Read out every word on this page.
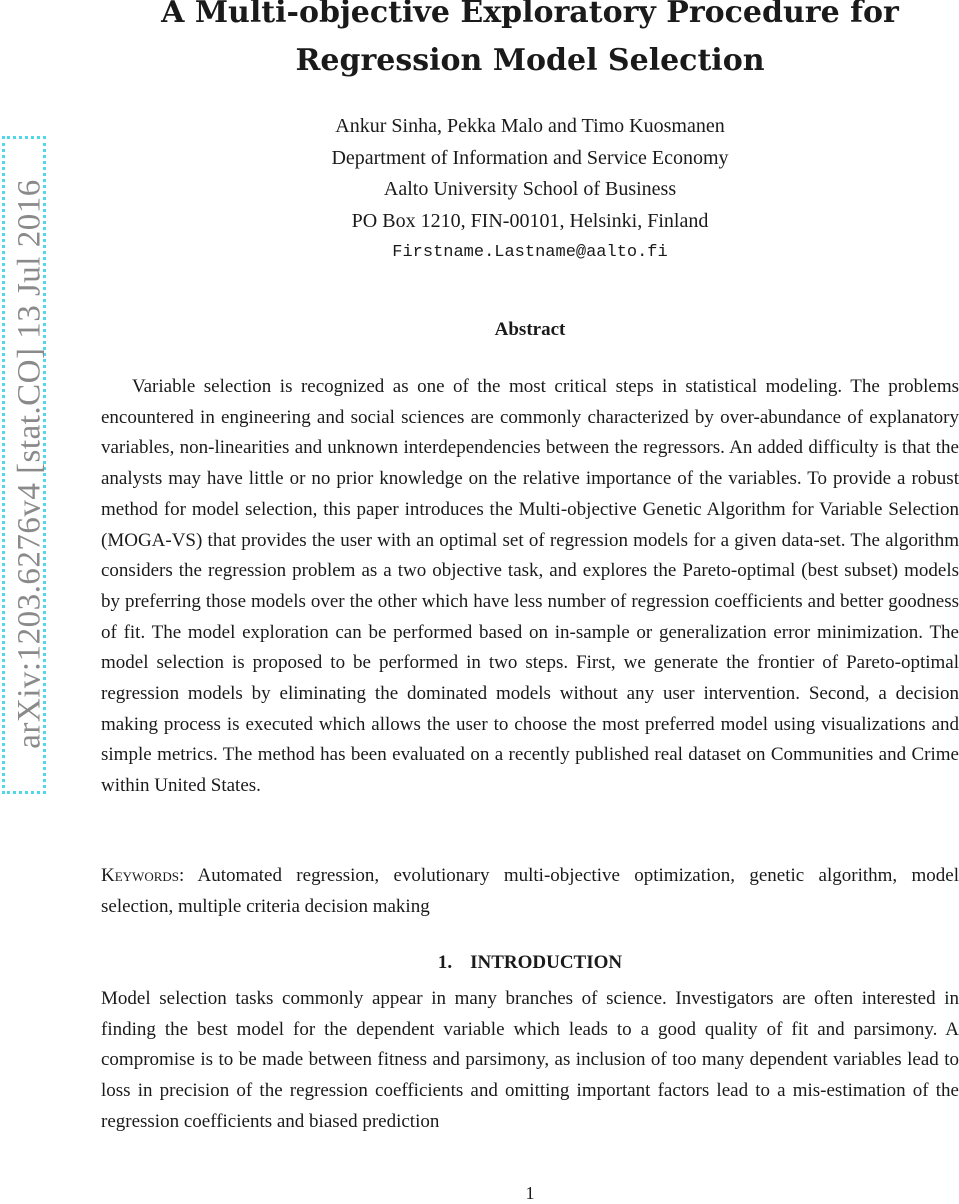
A Multi-objective Exploratory Procedure for
Regression Model Selection
Ankur Sinha, Pekka Malo and Timo Kuosmanen
Department of Information and Service Economy
Aalto University School of Business
PO Box 1210, FIN-00101, Helsinki, Finland
Firstname.Lastname@aalto.fi
Abstract

Variable selection is recognized as one of the most critical steps in statistical modeling. The problems encountered in engineering and social sciences are commonly characterized by over-abundance of explanatory variables, non-linearities and unknown interdependencies between the regressors. An added difficulty is that the analysts may have little or no prior knowledge on the relative importance of the variables. To provide a robust method for model selection, this paper introduces the Multi-objective Genetic Algorithm for Variable Selection (MOGA-VS) that provides the user with an optimal set of regression models for a given data-set. The algorithm considers the regression problem as a two objective task, and explores the Pareto-optimal (best subset) models by preferring those models over the other which have less number of regression coefficients and better goodness of fit. The model exploration can be performed based on in-sample or generalization error minimization. The model selection is proposed to be performed in two steps. First, we generate the frontier of Pareto-optimal regression models by eliminating the dominated models without any user intervention. Second, a decision making process is executed which allows the user to choose the most preferred model using visualizations and simple metrics. The method has been evaluated on a recently published real dataset on Communities and Crime within United States.

Keywords: Automated regression, evolutionary multi-objective optimization, genetic algorithm, model selection, multiple criteria decision making

1. INTRODUCTION

Model selection tasks commonly appear in many branches of science. Investigators are often interested in finding the best model for the dependent variable which leads to a good quality of fit and parsimony. A compromise is to be made between fitness and parsimony, as inclusion of too many dependent variables lead to loss in precision of the regression coefficients and omitting important factors lead to a mis-estimation of the regression coefficients and biased prediction

1
arXiv:1203.6276v4 [stat.CO] 13 Jul 2016
